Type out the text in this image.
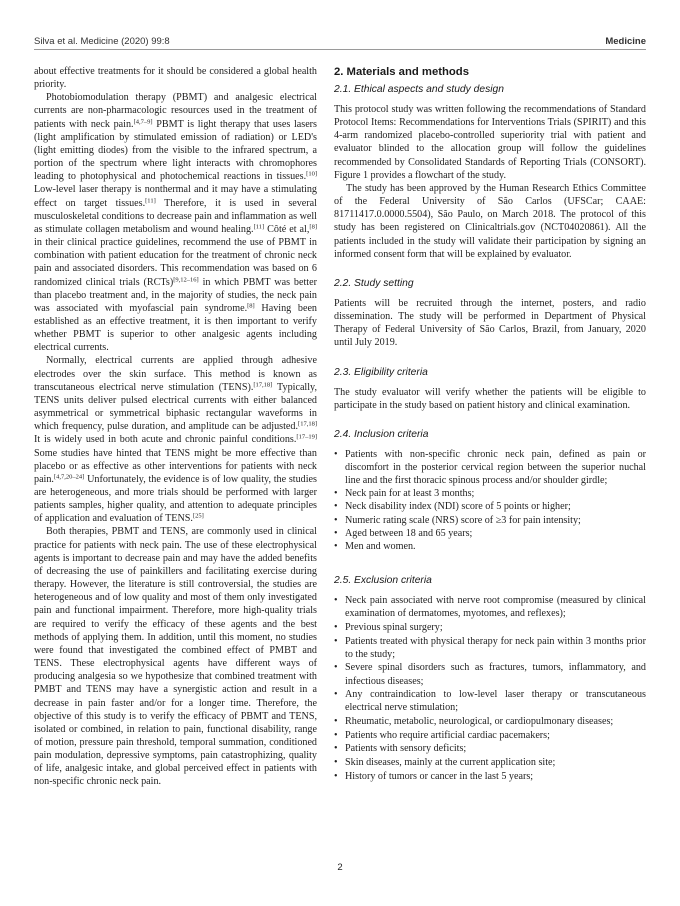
Silva et al. Medicine (2020) 99:8	Medicine

about effective treatments for it should be considered a global health priority.

Photobiomodulation therapy (PBMT) and analgesic electrical currents are non-pharmacologic resources used in the treatment of patients with neck pain.[4,7–9] PBMT is light therapy that uses lasers (light amplification by stimulated emission of radiation) or LED's (light emitting diodes) from the visible to the infrared spectrum, a portion of the spectrum where light interacts with chromophores leading to photophysical and photochemical reactions in tissues.[10] Low-level laser therapy is nonthermal and it may have a stimulating effect on target tissues.[11] Therefore, it is used in several musculoskeletal conditions to decrease pain and inflammation as well as stimulate collagen metabolism and wound healing.[11] Côté et al,[8] in their clinical practice guidelines, recommend the use of PBMT in combination with patient education for the treatment of chronic neck pain and associated disorders. This recommendation was based on 6 randomized clinical trials (RCTs)[9,12–16] in which PBMT was better than placebo treatment and, in the majority of studies, the neck pain was associated with myofascial pain syndrome.[8] Having been established as an effective treatment, it is then important to verify whether PBMT is superior to other analgesic agents including electrical currents.

Normally, electrical currents are applied through adhesive electrodes over the skin surface. This method is known as transcutaneous electrical nerve stimulation (TENS).[17,18] Typically, TENS units deliver pulsed electrical currents with either balanced asymmetrical or symmetrical biphasic rectangular waveforms in which frequency, pulse duration, and amplitude can be adjusted.[17,18] It is widely used in both acute and chronic painful conditions.[17–19] Some studies have hinted that TENS might be more effective than placebo or as effective as other interventions for patients with neck pain.[4,7,20–24] Unfortunately, the evidence is of low quality, the studies are heterogeneous, and more trials should be performed with larger patients samples, higher quality, and attention to adequate principles of application and evaluation of TENS.[25]

Both therapies, PBMT and TENS, are commonly used in clinical practice for patients with neck pain. The use of these electrophysical agents is important to decrease pain and may have the added benefits of decreasing the use of painkillers and facilitating exercise during therapy. However, the literature is still controversial, the studies are heterogeneous and of low quality and most of them only investigated pain and functional impairment. Therefore, more high-quality trials are required to verify the efficacy of these agents and the best methods of applying them. In addition, until this moment, no studies were found that investigated the combined effect of PMBT and TENS. These electrophysical agents have different ways of producing analgesia so we hypothesize that combined treatment with PMBT and TENS may have a synergistic action and result in a decrease in pain faster and/or for a longer time. Therefore, the objective of this study is to verify the efficacy of PBMT and TENS, isolated or combined, in relation to pain, functional disability, range of motion, pressure pain threshold, temporal summation, conditioned pain modulation, depressive symptoms, pain catastrophizing, quality of life, analgesic intake, and global perceived effect in patients with non-specific chronic neck pain.

2. Materials and methods
2.1. Ethical aspects and study design

This protocol study was written following the recommendations of Standard Protocol Items: Recommendations for Interventions Trials (SPIRIT) and this 4-arm randomized placebo-controlled superiority trial with patient and evaluator blinded to the allocation group will follow the guidelines recommended by Consolidated Standards of Reporting Trials (CONSORT). Figure 1 provides a flowchart of the study.

The study has been approved by the Human Research Ethics Committee of the Federal University of São Carlos (UFSCar; CAAE: 81711417.0.0000.5504), São Paulo, on March 2018. The protocol of this study has been registered on Clinicaltrials.gov (NCT04020861). All the patients included in the study will validate their participation by signing an informed consent form that will be explained by evaluator.

2.2. Study setting

Patients will be recruited through the internet, posters, and radio dissemination. The study will be performed in Department of Physical Therapy of Federal University of São Carlos, Brazil, from January, 2020 until July 2019.

2.3. Eligibility criteria

The study evaluator will verify whether the patients will be eligible to participate in the study based on patient history and clinical examination.

2.4. Inclusion criteria
• Patients with non-specific chronic neck pain, defined as pain or discomfort in the posterior cervical region between the superior nuchal line and the first thoracic spinous process and/or shoulder girdle;
• Neck pain for at least 3 months;
• Neck disability index (NDI) score of 5 points or higher;
• Numeric rating scale (NRS) score of ≥3 for pain intensity;
• Aged between 18 and 65 years;
• Men and women.
2.5. Exclusion criteria
• Neck pain associated with nerve root compromise (measured by clinical examination of dermatomes, myotomes, and reflexes);
• Previous spinal surgery;
• Patients treated with physical therapy for neck pain within 3 months prior to the study;
• Severe spinal disorders such as fractures, tumors, inflammatory, and infectious diseases;
• Any contraindication to low-level laser therapy or transcutaneous electrical nerve stimulation;
• Rheumatic, metabolic, neurological, or cardiopulmonary diseases;
• Patients who require artificial cardiac pacemakers;
• Patients with sensory deficits;
• Skin diseases, mainly at the current application site;
• History of tumors or cancer in the last 5 years;
2
